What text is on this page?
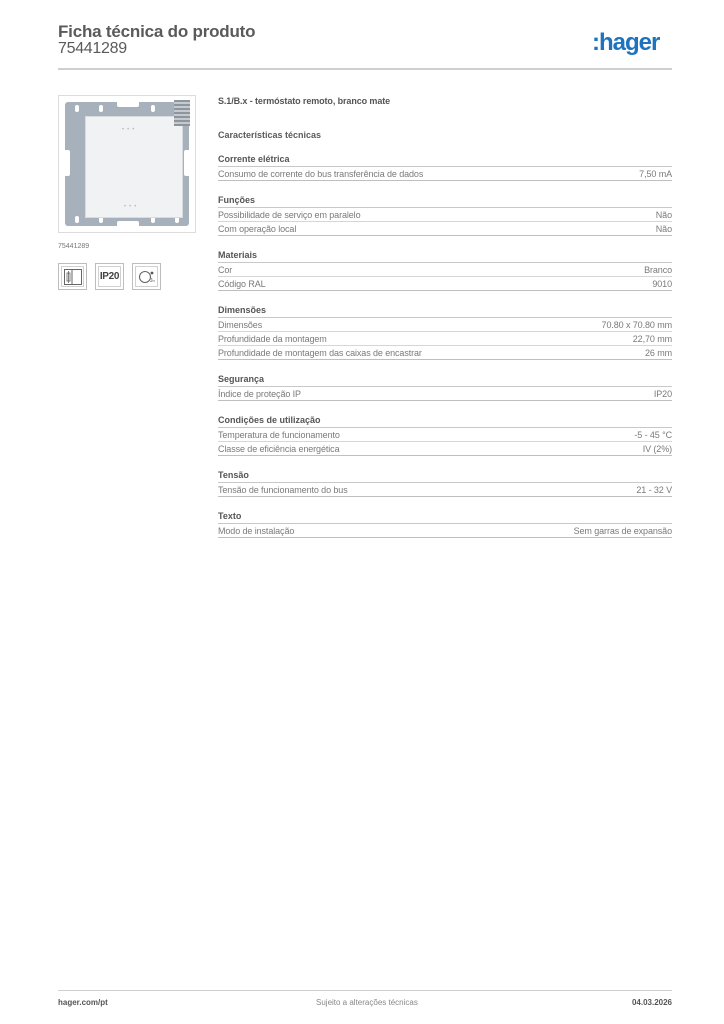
Ficha técnica do produto
75441289	:hager
•••
•••
75441289
IP20	J n
S.1/B.x - termóstato remoto, branco mate
Características técnicas
Corrente elétrica
Consumo de corrente do bus transferência de dados	7,50 mA
Funções
Possibilidade de serviço em paralelo	Não
Com operação local	Não
Materiais
Cor	Branco
Código RAL	9010
Dimensões
Dimensões	70.80 x 70.80 mm
Profundidade da montagem	22,70 mm
Profundidade de montagem das caixas de encastrar	26 mm
Segurança
Índice de proteção IP	IP20
Condições de utilização
Temperatura de funcionamento	-5 - 45 °C
Classe de eficiência energética	IV (2%)
Tensão
Tensão de funcionamento do bus	21 - 32 V
Texto
Modo de instalação	Sem garras de expansão
hager.com/pt	Sujeito a alterações técnicas	04.03.2026
